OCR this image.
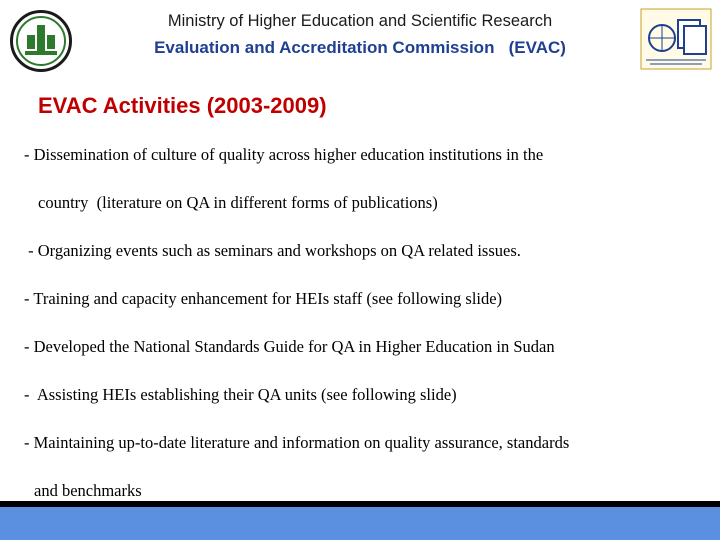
Ministry of Higher Education and Scientific Research
Evaluation and Accreditation Commission   (EVAC)
EVAC Activities (2003-2009)
- Dissemination of culture of quality across higher education institutions in the
country  (literature on QA in different forms of publications)
- Organizing events such as seminars and workshops on QA related issues.
- Training and capacity enhancement for HEIs staff (see following slide)
- Developed the National Standards Guide for QA in Higher Education in Sudan
-  Assisting HEIs establishing their QA units (see following slide)
- Maintaining up-to-date literature and information on quality assurance, standards
and benchmarks
